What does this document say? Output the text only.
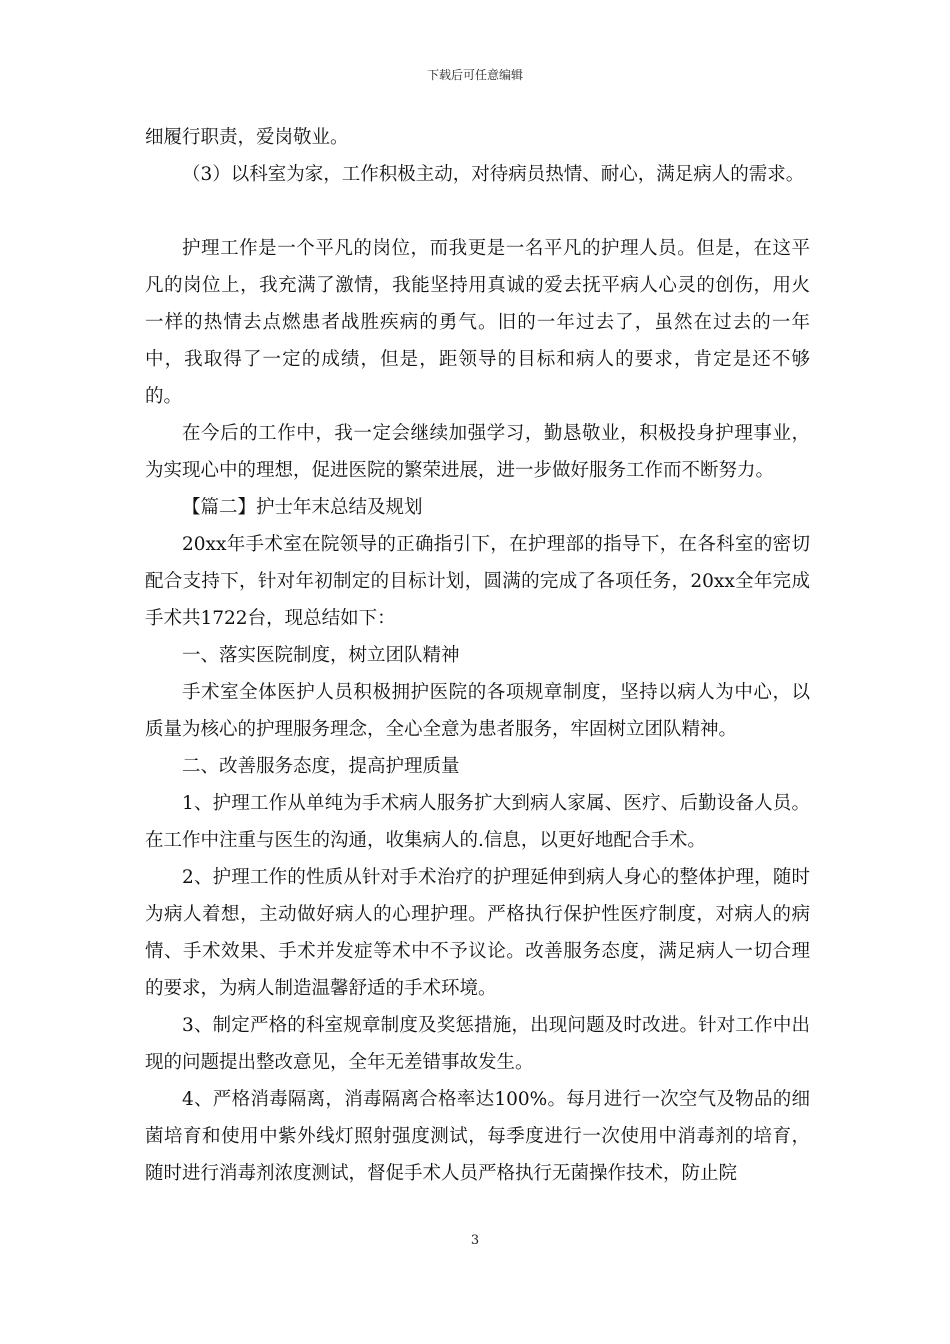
下载后可任意编辑

细履行职责，爱岗敬业。

（3）以科室为家，工作积极主动，对待病员热情、耐心，满足病人的需求。

护理工作是一个平凡的岗位，而我更是一名平凡的护理人员。但是，在这平凡的岗位上，我充满了激情，我能坚持用真诚的爱去抚平病人心灵的创伤，用火一样的热情去点燃患者战胜疾病的勇气。旧的一年过去了，虽然在过去的一年中，我取得了一定的成绩，但是，距领导的目标和病人的要求，肯定是还不够的。

在今后的工作中，我一定会继续加强学习，勤恳敬业，积极投身护理事业，为实现心中的理想，促进医院的繁荣进展，进一步做好服务工作而不断努力。

【篇二】护士年末总结及规划

20xx年手术室在院领导的正确指引下，在护理部的指导下，在各科室的密切配合支持下，针对年初制定的目标计划，圆满的完成了各项任务，20xx全年完成手术共1722台，现总结如下：

一、落实医院制度，树立团队精神

手术室全体医护人员积极拥护医院的各项规章制度，坚持以病人为中心，以质量为核心的护理服务理念，全心全意为患者服务，牢固树立团队精神。

二、改善服务态度，提高护理质量

1、护理工作从单纯为手术病人服务扩大到病人家属、医疗、后勤设备人员。在工作中注重与医生的沟通，收集病人的.信息，以更好地配合手术。

2、护理工作的性质从针对手术治疗的护理延伸到病人身心的整体护理，随时为病人着想，主动做好病人的心理护理。严格执行保护性医疗制度，对病人的病情、手术效果、手术并发症等术中不予议论。改善服务态度，满足病人一切合理的要求，为病人制造温馨舒适的手术环境。

3、制定严格的科室规章制度及奖惩措施，出现问题及时改进。针对工作中出现的问题提出整改意见，全年无差错事故发生。

4、严格消毒隔离，消毒隔离合格率达100%。每月进行一次空气及物品的细菌培育和使用中紫外线灯照射强度测试，每季度进行一次使用中消毒剂的培育，随时进行消毒剂浓度测试，督促手术人员严格执行无菌操作技术，防止院

3
